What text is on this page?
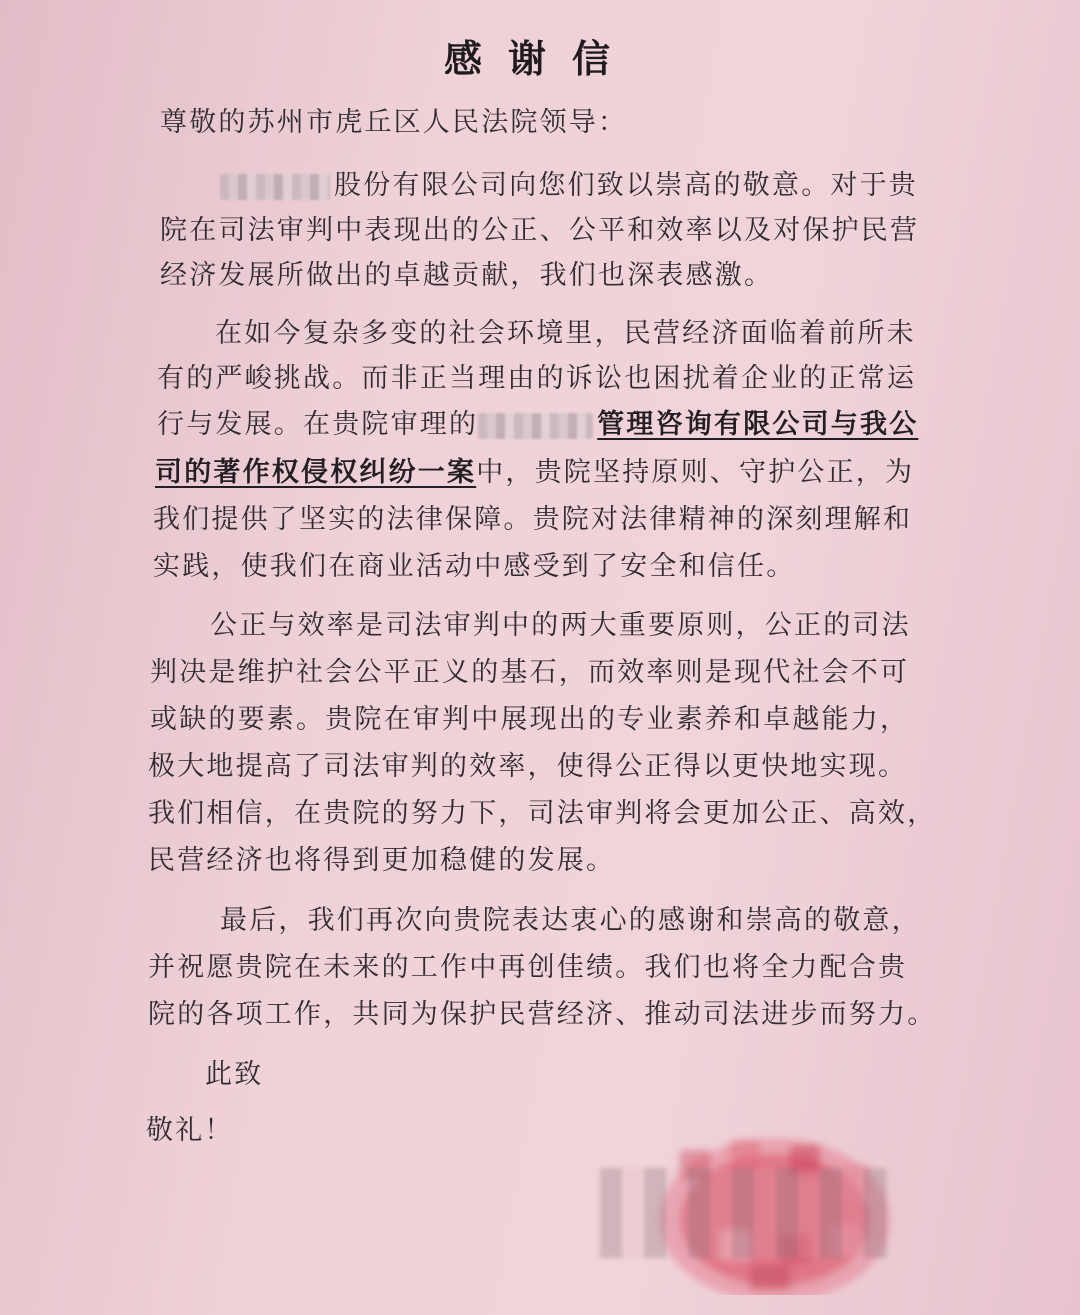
感谢信
尊敬的苏州市虎丘区人民法院领导：
股份有限公司向您们致以崇高的敬意。对于贵
院在司法审判中表现出的公正、公平和效率以及对保护民营
经济发展所做出的卓越贡献，我们也深表感激。
在如今复杂多变的社会环境里，民营经济面临着前所未
有的严峻挑战。而非正当理由的诉讼也困扰着企业的正常运
行与发展。在贵院审理的	管理咨询有限公司与我公
司的著作权侵权纠纷一案中，贵院坚持原则、守护公正，为
我们提供了坚实的法律保障。贵院对法律精神的深刻理解和
实践，使我们在商业活动中感受到了安全和信任。
公正与效率是司法审判中的两大重要原则，公正的司法
判决是维护社会公平正义的基石，而效率则是现代社会不可
或缺的要素。贵院在审判中展现出的专业素养和卓越能力，
极大地提高了司法审判的效率，使得公正得以更快地实现。
我们相信，在贵院的努力下，司法审判将会更加公正、高效，
民营经济也将得到更加稳健的发展。
最后，我们再次向贵院表达衷心的感谢和崇高的敬意，
并祝愿贵院在未来的工作中再创佳绩。我们也将全力配合贵
院的各项工作，共同为保护民营经济、推动司法进步而努力。
此致
敬礼！
